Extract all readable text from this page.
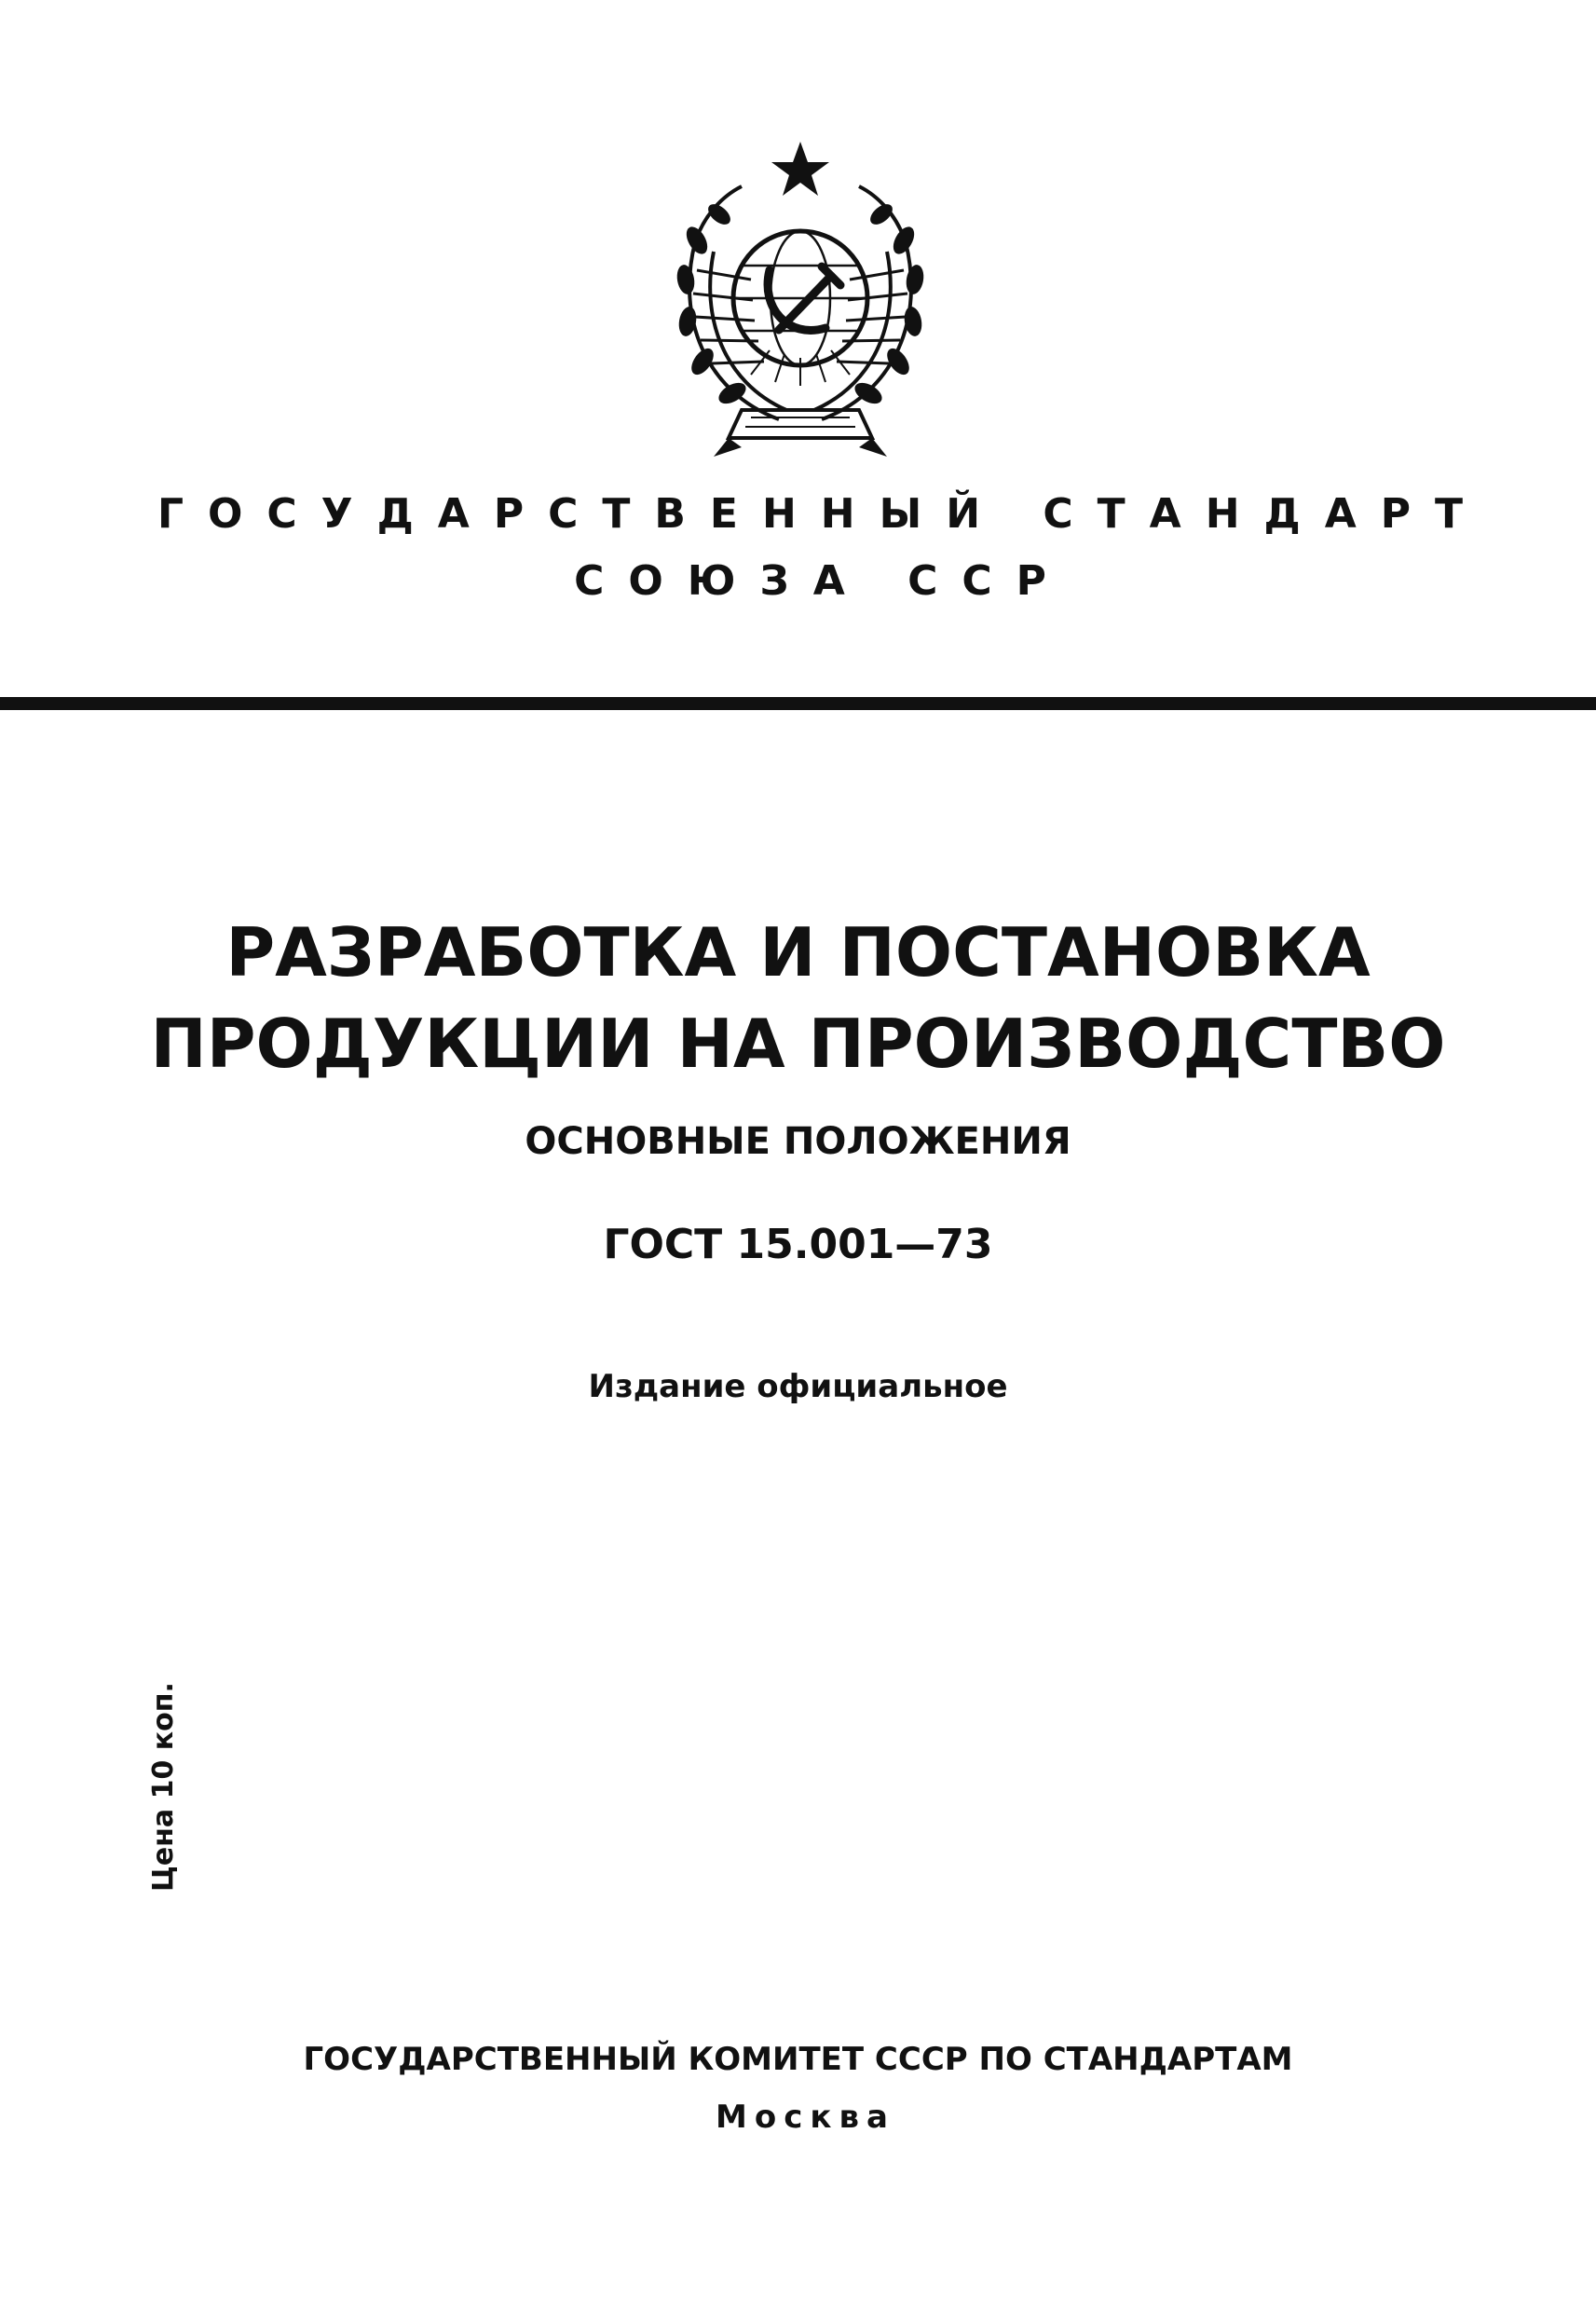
ГОСУДАРСТВЕННЫЙ СТАНДАРТ
СОЮЗА ССР
РАЗРАБОТКА И ПОСТАНОВКА
ПРОДУКЦИИ НА ПРОИЗВОДСТВО
ОСНОВНЫЕ ПОЛОЖЕНИЯ
ГОСТ 15.001—73
Издание официальное
Цена 10 коп.
ГОСУДАРСТВЕННЫЙ КОМИТЕТ СССР ПО СТАНДАРТАМ
Москва
